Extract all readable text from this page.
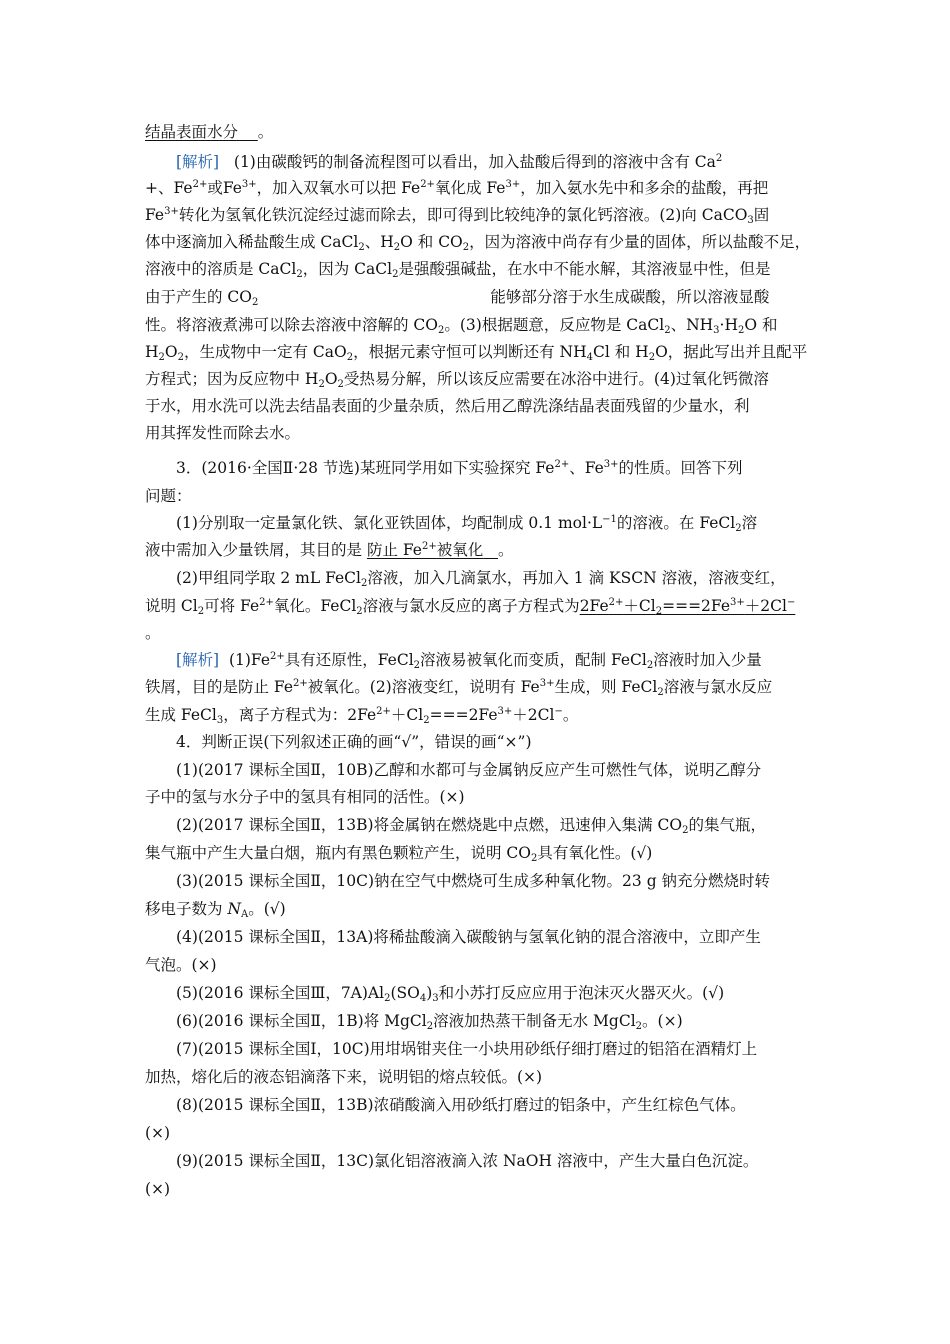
结晶表面水分 。
[解析] (1)由碳酸钙的制备流程图可以看出，加入盐酸后得到的溶液中含有 $Ca^2$
+、$Fe^{2+}$或$Fe^{3+}$，加入双氧水可以把 $Fe^{2+}$氧化成 $Fe^{3+}$，加入氨水先中和多余的盐酸，再把
$Fe^{3+}$转化为氢氧化铁沉淀经过滤而除去，即可得到比较纯净的氯化钙溶液。(2)向 CaCO$_3$固
体中逐滴加入稀盐酸生成 CaCl$_2$、$H_2O$ 和 $CO_2$，因为溶液中尚存有少量的固体，所以盐酸不足，
溶液中的溶质是 CaCl$_2$，因为 CaCl$_2$是强酸强碱盐，在水中不能水解，其溶液显中性，但是
由于产生的 $CO_2$	能够部分溶于水生成碳酸，所以溶液显酸
性。将溶液煮沸可以除去溶液中溶解的 $CO_2$。(3)根据题意，反应物是 CaCl$_2$、$NH_3\cdot H_2O$ 和
$H_2O_2$，生成物中一定有 CaO$_2$，根据元素守恒可以判断还有 $NH_4Cl$ 和 $H_2O$，据此写出并且配平
方程式；因为反应物中 $H_2O_2$受热易分解，所以该反应需要在冰浴中进行。(4)过氧化钙微溶
于水，用水洗可以洗去结晶表面的少量杂质，然后用乙醇洗涤结晶表面残留的少量水，利
用其挥发性而除去水。
3．(2016·全国Ⅱ·28 节选)某班同学用如下实验探究 $Fe^{2+}$、$Fe^{3+}$的性质。回答下列
问题：
(1)分别取一定量氯化铁、氯化亚铁固体，均配制成 0.1 $mol\cdot L^{-1}$的溶液。在 FeCl$_2$溶
液中需加入少量铁屑，其目的是 防止 $Fe^{2+}$被氧化 。
(2)甲组同学取 2 mL FeCl$_2$溶液，加入几滴氯水，再加入 1 滴 KSCN 溶液，溶液变红，
说明 $Cl_2$可将 $Fe^{2+}$氧化。FeCl$_2$溶液与氯水反应的离子方程式为$2Fe^{2+}+Cl_2===2Fe^{3+}+2Cl^-$
。
[解析] $(1)Fe^{2+}$具有还原性，FeCl$_2$溶液易被氧化而变质，配制 FeCl$_2$溶液时加入少量
铁屑，目的是防止 $Fe^{2+}$被氧化。(2)溶液变红，说明有 $Fe^{3+}$生成，则 FeCl$_2$溶液与氯水反应
生成 FeCl$_3$，离子方程式为：$2Fe^{2+}+Cl_2===2Fe^{3+}+2Cl^-$。
4．判断正误(下列叙述正确的画“√”，错误的画“×”)
(1)(2017 课标全国Ⅱ，10B)乙醇和水都可与金属钠反应产生可燃性气体，说明乙醇分
子中的氢与水分子中的氢具有相同的活性。(×)
(2)(2017 课标全国Ⅱ，13B)将金属钠在燃烧匙中点燃，迅速伸入集满 $CO_2$的集气瓶，
集气瓶中产生大量白烟，瓶内有黑色颗粒产生，说明 $CO_2$具有氧化性。(√)
(3)(2015 课标全国Ⅱ，10C)钠在空气中燃烧可生成多种氧化物。23 g 钠充分燃烧时转
移电子数为 $N_A$。(√)
(4)(2015 课标全国Ⅱ，13A)将稀盐酸滴入碳酸钠与氢氧化钠的混合溶液中，立即产生
气泡。(×)
(5)(2016 课标全国Ⅲ，$7A)Al_2(SO_4)_3$和小苏打反应应用于泡沫灭火器灭火。(√)
(6)(2016 课标全国Ⅱ，1B)将 MgCl$_2$溶液加热蒸干制备无水 MgCl$_2$。(×)
(7)(2015 课标全国Ⅰ，10C)用坩埚钳夹住一小块用砂纸仔细打磨过的铝箔在酒精灯上
加热，熔化后的液态铝滴落下来，说明铝的熔点较低。(×)
(8)(2015 课标全国Ⅱ，13B)浓硝酸滴入用砂纸打磨过的铝条中，产生红棕色气体。
(×)
(9)(2015 课标全国Ⅱ，13C)氯化铝溶液滴入浓 NaOH 溶液中，产生大量白色沉淀。
(×)
